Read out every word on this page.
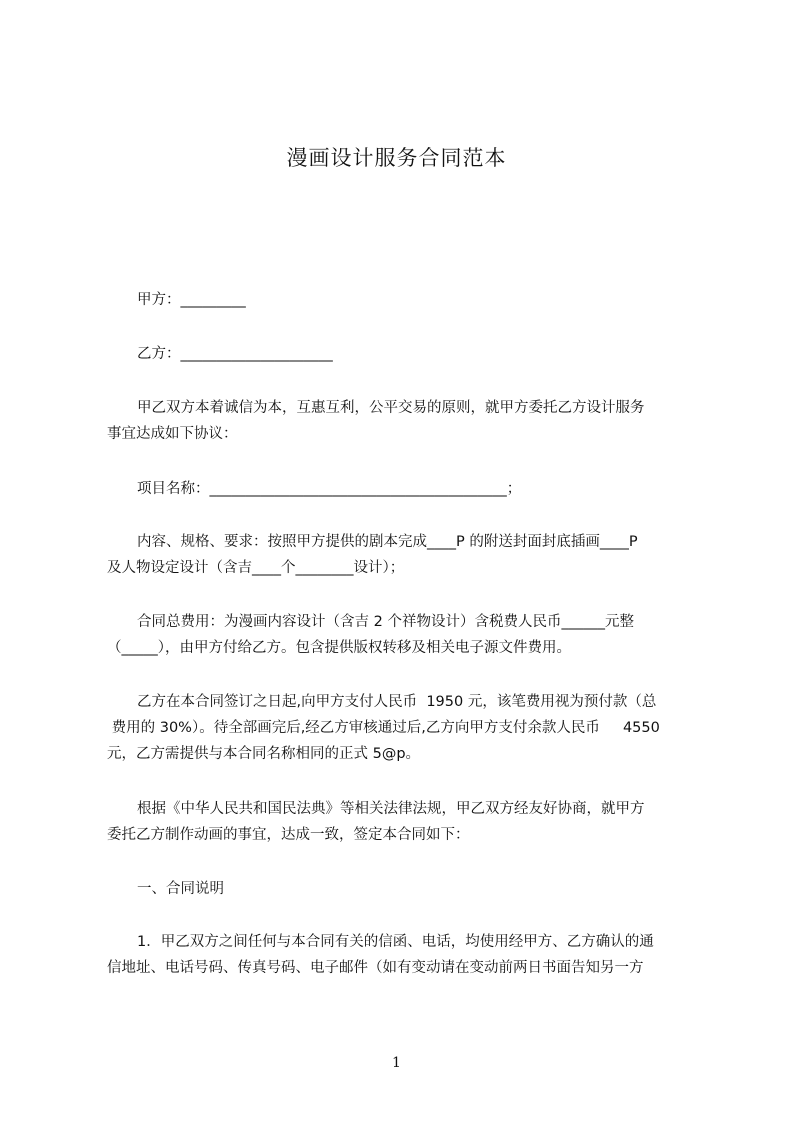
漫画设计服务合同范本
甲方：_________
乙方：_____________________
甲乙双方本着诚信为本，互惠互利，公平交易的原则，就甲方委托乙方设计服务
事宜达成如下协议：
项目名称：_________________________________________；
内容、规格、要求：按照甲方提供的剧本完成____P 的附送封面封底插画____P
及人物设定设计（含吉____个________设计）；
合同总费用：为漫画内容设计（含吉 2 个祥物设计）含税费人民币______元整
（_____），由甲方付给乙方。包含提供版权转移及相关电子源文件费用。
乙方在本合同签订之日起,向甲方支付人民币  1950 元，该笔费用视为预付款（总
费用的 30%）。待全部画完后,经乙方审核通过后,乙方向甲方支付余款人民币     4550
元，乙方需提供与本合同名称相同的正式 5@p。
根据《中华人民共和国民法典》等相关法律法规，甲乙双方经友好协商，就甲方
委托乙方制作动画的事宜，达成一致，签定本合同如下：
一、合同说明
1．甲乙双方之间任何与本合同有关的信函、电话，均使用经甲方、乙方确认的通
信地址、电话号码、传真号码、电子邮件（如有变动请在变动前两日书面告知另一方
1
